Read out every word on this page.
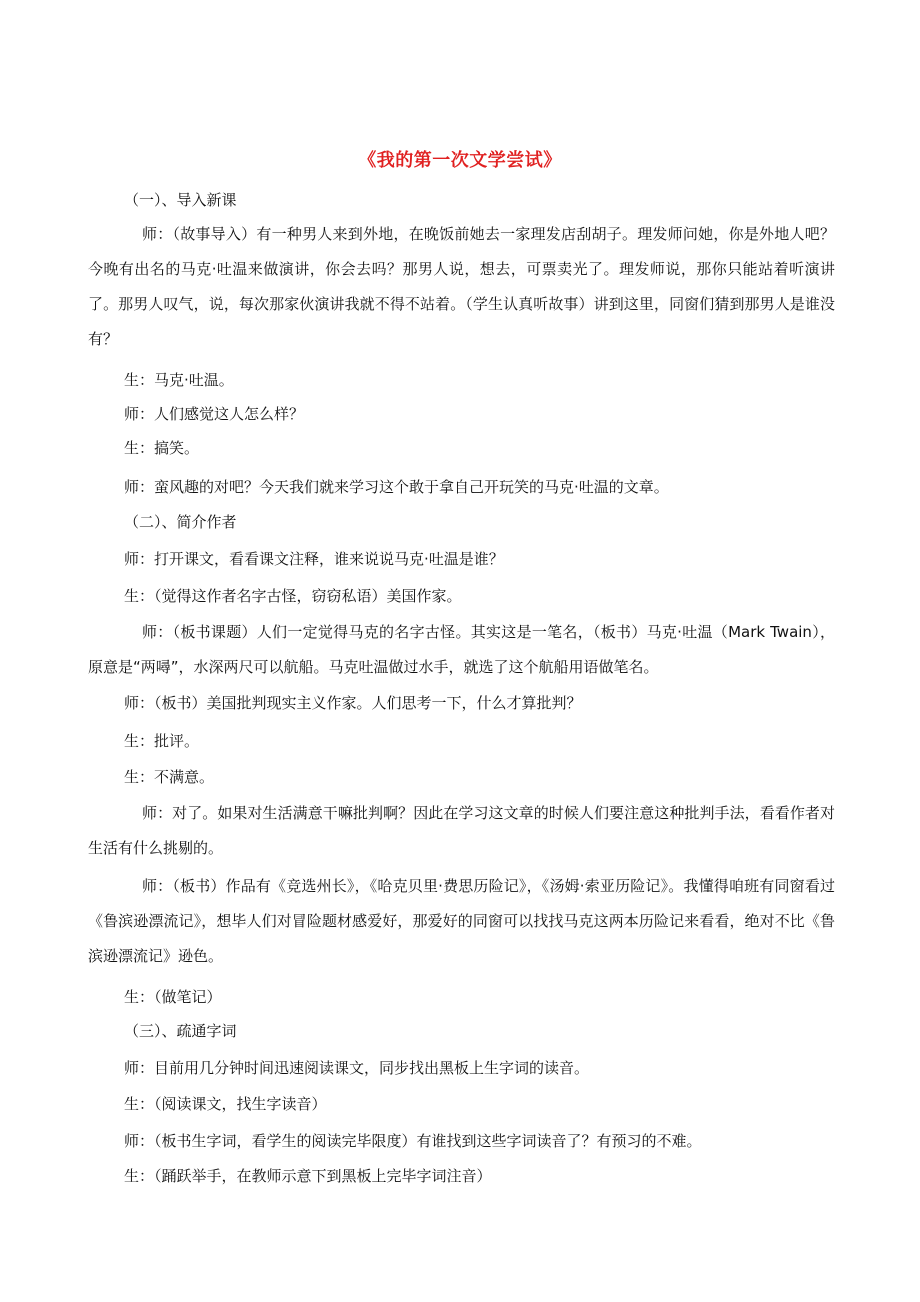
《我的第一次文学尝试》
（一）、导入新课
师：（故事导入）有一种男人来到外地，在晚饭前她去一家理发店刮胡子。理发师问她，你是外地人吧？今晚有出名的马克·吐温来做演讲，你会去吗？那男人说，想去，可票卖光了。理发师说，那你只能站着听演讲了。那男人叹气，说，每次那家伙演讲我就不得不站着。（学生认真听故事）讲到这里，同窗们猜到那男人是谁没有？
生：马克·吐温。
师：人们感觉这人怎么样？
生：搞笑。
师：蛮风趣的对吧？今天我们就来学习这个敢于拿自己开玩笑的马克·吐温的文章。
（二）、简介作者
师：打开课文，看看课文注释，谁来说说马克·吐温是谁？
生：（觉得这作者名字古怪，窃窃私语）美国作家。
师：（板书课题）人们一定觉得马克的名字古怪。其实这是一笔名，（板书）马克·吐温（Mark Twain），原意是“两噚”，水深两尺可以航船。马克吐温做过水手，就选了这个航船用语做笔名。
师：（板书）美国批判现实主义作家。人们思考一下，什么才算批判？
生：批评。
生：不满意。
师：对了。如果对生活满意干嘛批判啊？因此在学习这文章的时候人们要注意这种批判手法，看看作者对生活有什么挑剔的。
师：（板书）作品有《竞选州长》，《哈克贝里·费思历险记》，《汤姆·索亚历险记》。我懂得咱班有同窗看过《鲁滨逊漂流记》，想毕人们对冒险题材感爱好，那爱好的同窗可以找找马克这两本历险记来看看，绝对不比《鲁滨逊漂流记》逊色。
生：（做笔记）
（三）、疏通字词
师：目前用几分钟时间迅速阅读课文，同步找出黑板上生字词的读音。
生：（阅读课文，找生字读音）
师：（板书生字词，看学生的阅读完毕限度）有谁找到这些字词读音了？有预习的不难。
生：（踊跃举手，在教师示意下到黑板上完毕字词注音）
